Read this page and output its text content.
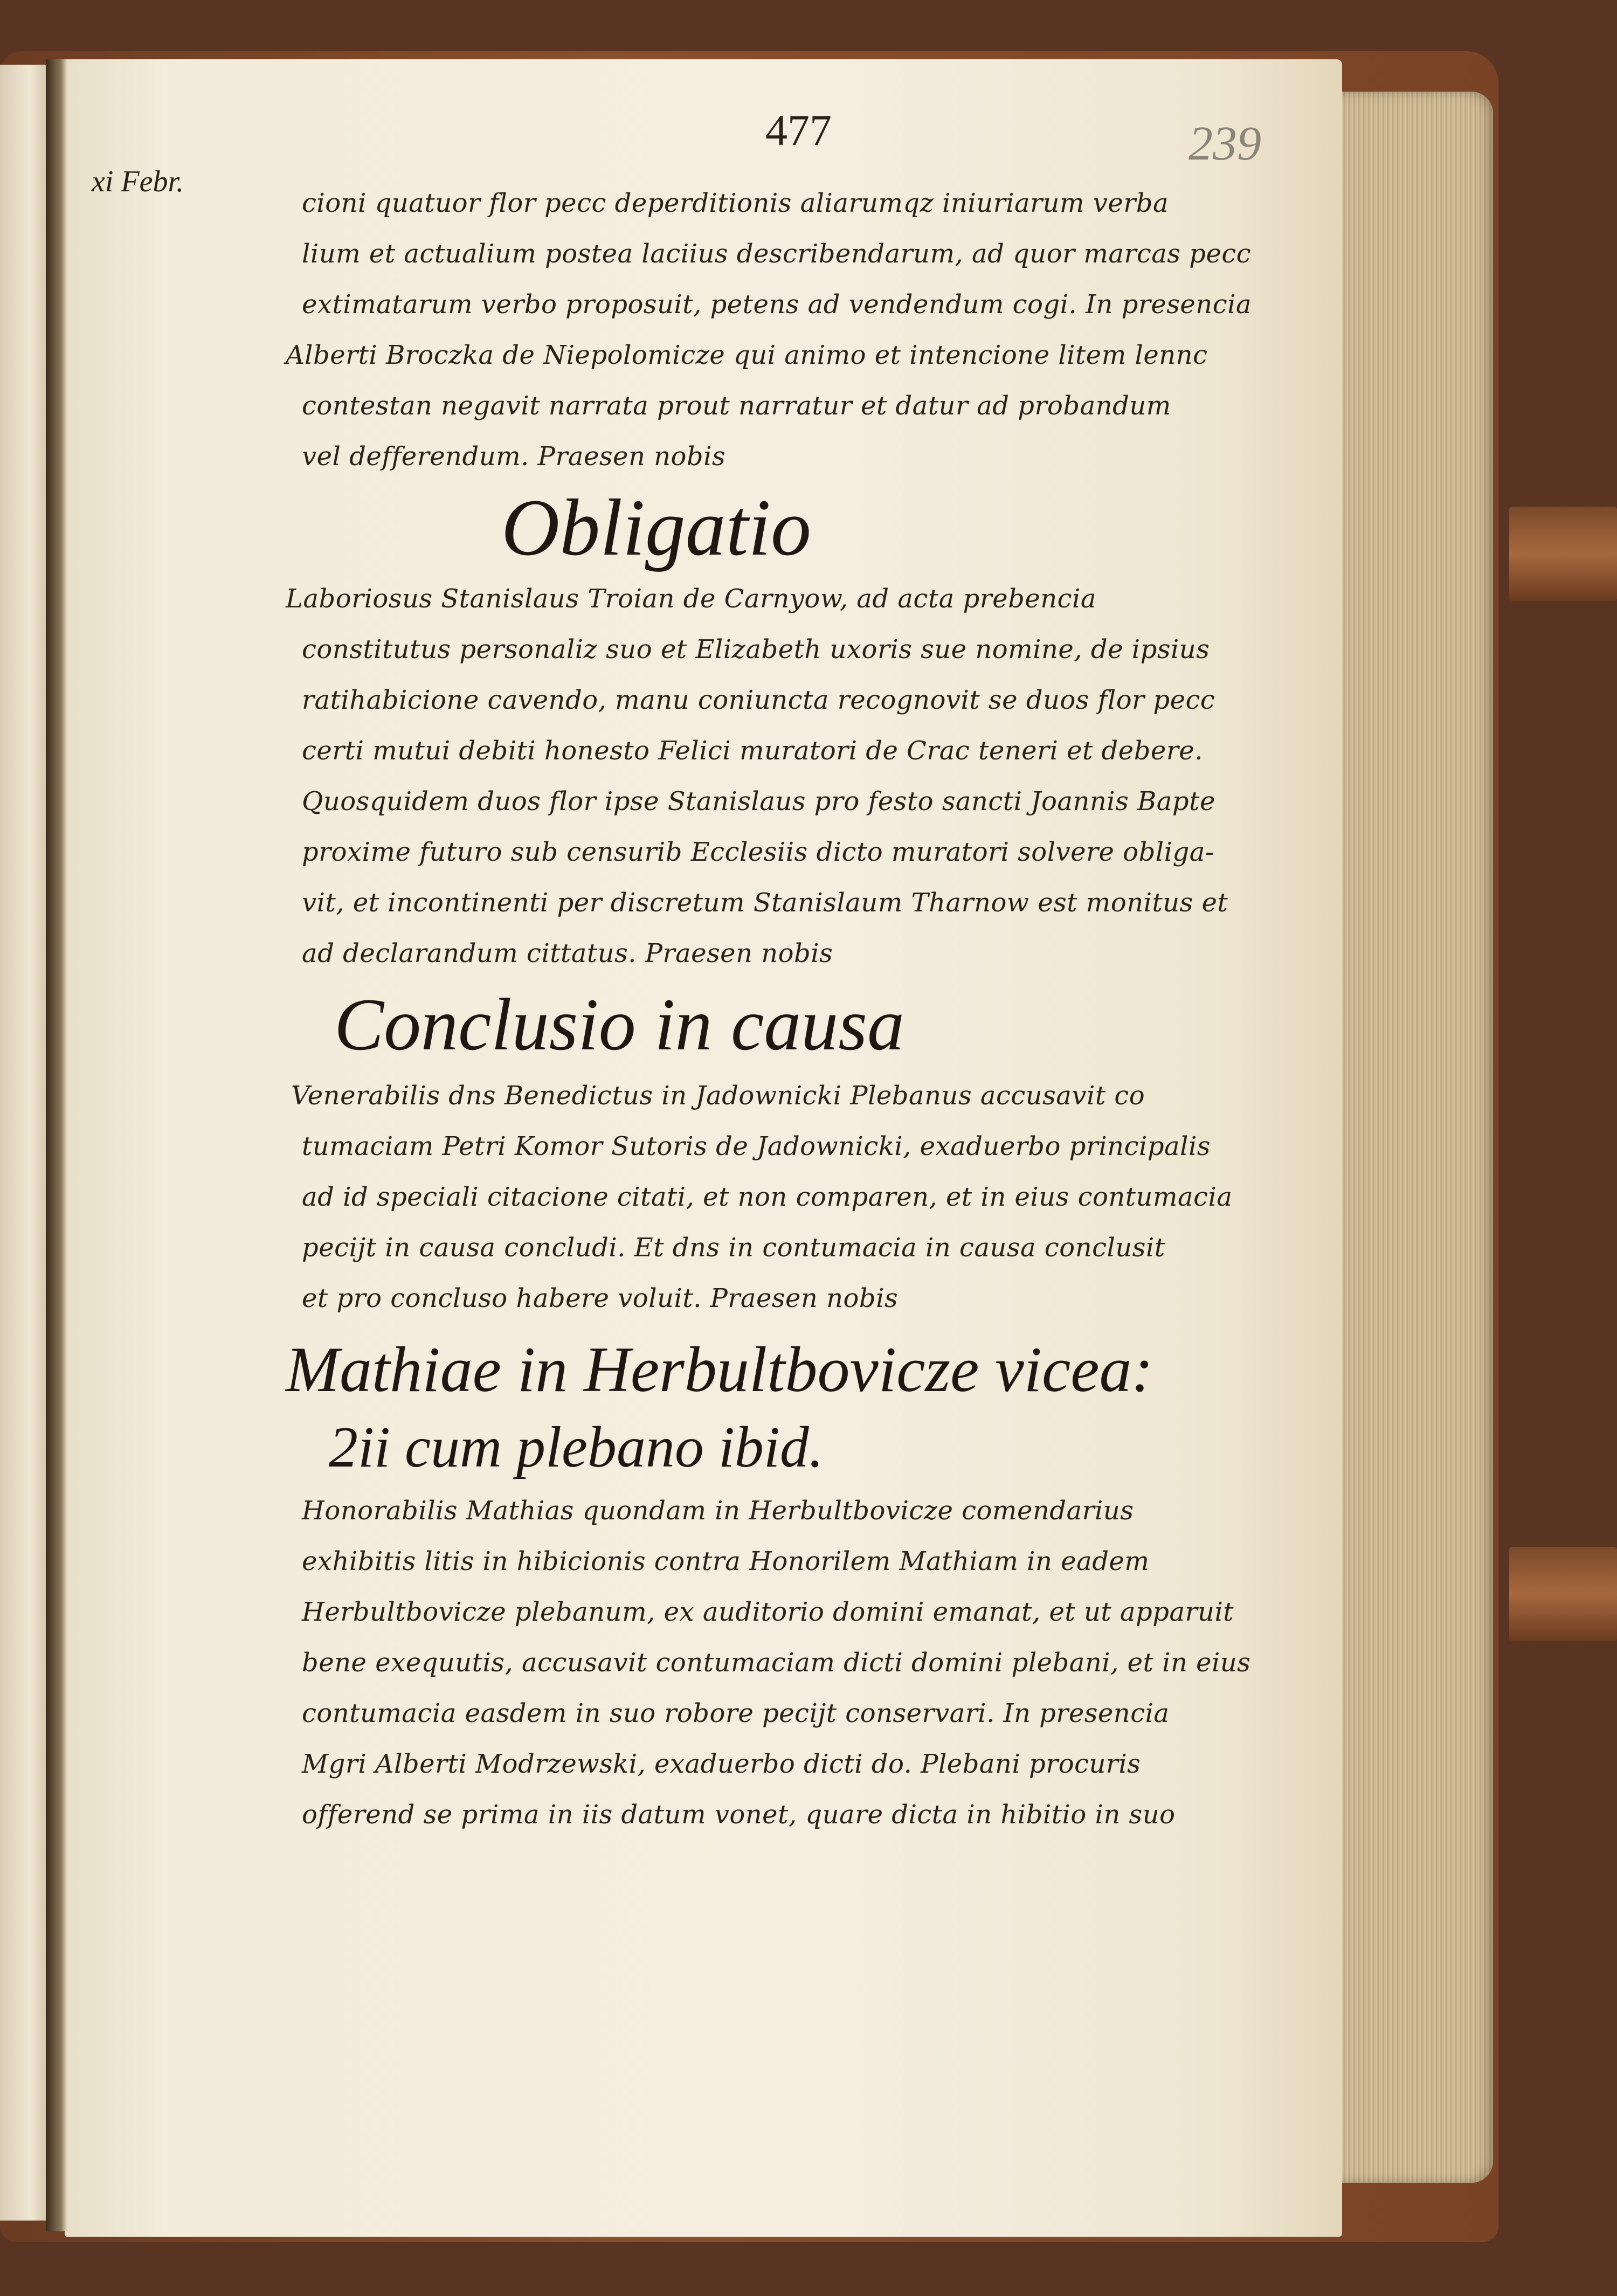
477	239
xi Febr.
cioni quatuor flor pecc deperditionis aliarumqz iniuriarum verba
lium et actualium postea laciius describendarum, ad quor marcas pecc
extimatarum verbo proposuit, petens ad vendendum cogi. In presencia
Alberti Broczka de Niepolomicze qui animo et intencione litem lennc
contestan negavit narrata prout narratur et datur ad probandum
vel defferendum. Praesen nobis
Obligatio
Laboriosus Stanislaus Troian de Carnyow, ad acta prebencia
constitutus personaliz suo et Elizabeth uxoris sue nomine, de ipsius
ratihabicione cavendo, manu coniuncta recognovit se duos flor pecc
certi mutui debiti honesto Felici muratori de Crac teneri et debere.
Quosquidem duos flor ipse Stanislaus pro festo sancti Joannis Bapte
proxime futuro sub censurib Ecclesiis dicto muratori solvere obliga-
vit, et incontinenti per discretum Stanislaum Tharnow est monitus et
ad declarandum cittatus. Praesen nobis
Conclusio in causa
Venerabilis dns Benedictus in Jadownicki Plebanus accusavit co
tumaciam Petri Komor Sutoris de Jadownicki, exaduerbo principalis
ad id speciali citacione citati, et non comparen, et in eius contumacia
pecijt in causa concludi. Et dns in contumacia in causa conclusit
et pro concluso habere voluit. Praesen nobis
Mathiae in Herbultbovicze vicea:
2ii cum plebano ibid.
Honorabilis Mathias quondam in Herbultbovicze comendarius
exhibitis litis in hibicionis contra Honorilem Mathiam in eadem
Herbultbovicze plebanum, ex auditorio domini emanat, et ut apparuit
bene exequutis, accusavit contumaciam dicti domini plebani, et in eius
contumacia easdem in suo robore pecijt conservari. In presencia
Mgri Alberti Modrzewski, exaduerbo dicti do. Plebani procuris
offerend se prima in iis datum vonet, quare dicta in hibitio in suo
